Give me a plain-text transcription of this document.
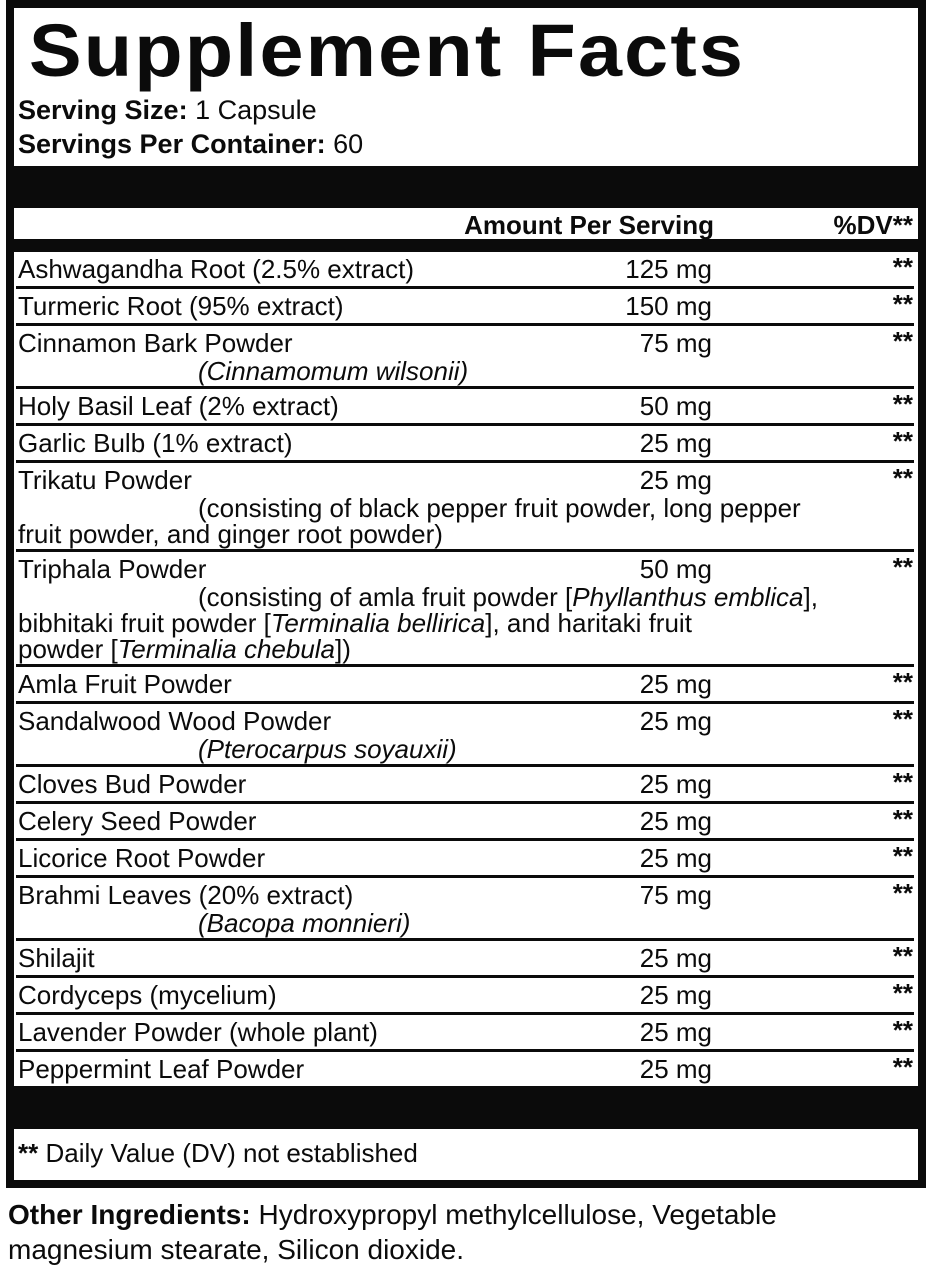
Supplement Facts
Serving Size: 1 Capsule
Servings Per Container: 60
Amount Per Serving	%DV**
Ashwagandha Root (2.5% extract)	125 mg	**
Turmeric Root (95% extract)	150 mg	**
Cinnamon Bark Powder	75 mg	**
(Cinnamomum wilsonii)
Holy Basil Leaf (2% extract)	50 mg	**
Garlic Bulb (1% extract)	25 mg	**
Trikatu Powder	25 mg	**
(consisting of black pepper fruit powder, long pepper
fruit powder, and ginger root powder)
Triphala Powder	50 mg	**
(consisting of amla fruit powder [Phyllanthus emblica],
bibhitaki fruit powder [Terminalia bellirica], and haritaki fruit
powder [Terminalia chebula])
Amla Fruit Powder	25 mg	**
Sandalwood Wood Powder	25 mg	**
(Pterocarpus soyauxii)
Cloves Bud Powder	25 mg	**
Celery Seed Powder	25 mg	**
Licorice Root Powder	25 mg	**
Brahmi Leaves (20% extract)	75 mg	**
(Bacopa monnieri)
Shilajit	25 mg	**
Cordyceps (mycelium)	25 mg	**
Lavender Powder (whole plant)	25 mg	**
Peppermint Leaf Powder	25 mg	**
** Daily Value (DV) not established
Other Ingredients: Hydroxypropyl methylcellulose, Vegetable magnesium stearate, Silicon dioxide.
